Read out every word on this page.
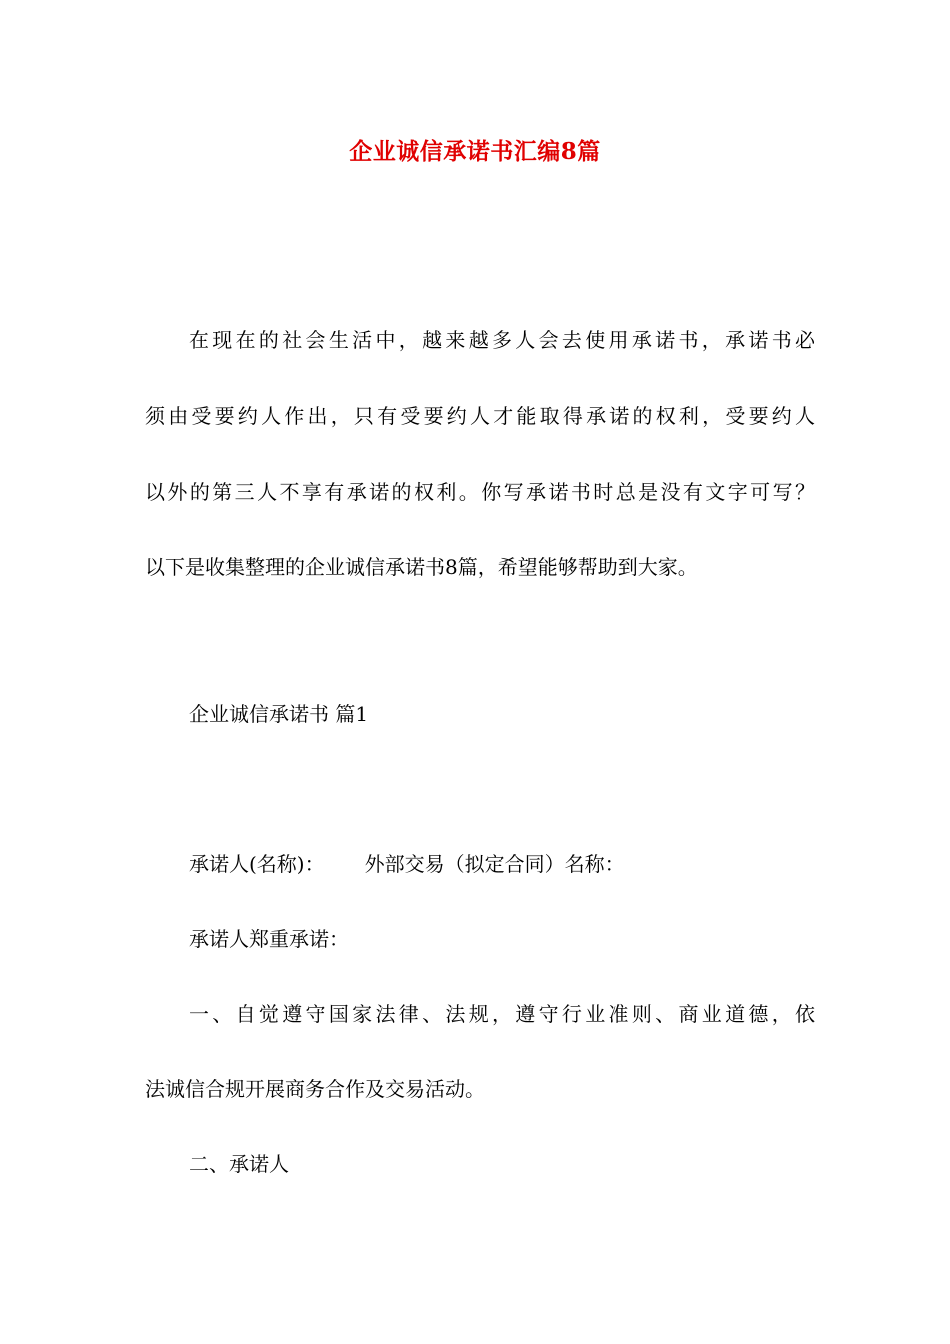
企业诚信承诺书汇编8篇
在现在的社会生活中，越来越多人会去使用承诺书，承诺书必
须由受要约人作出，只有受要约人才能取得承诺的权利，受要约人
以外的第三人不享有承诺的权利。你写承诺书时总是没有文字可写？
以下是收集整理的企业诚信承诺书8篇，希望能够帮助到大家。
企业诚信承诺书 篇1
承诺人(名称)： 外部交易（拟定合同）名称：
承诺人郑重承诺：
一、自觉遵守国家法律、法规，遵守行业准则、商业道德，依
法诚信合规开展商务合作及交易活动。
二、承诺人
